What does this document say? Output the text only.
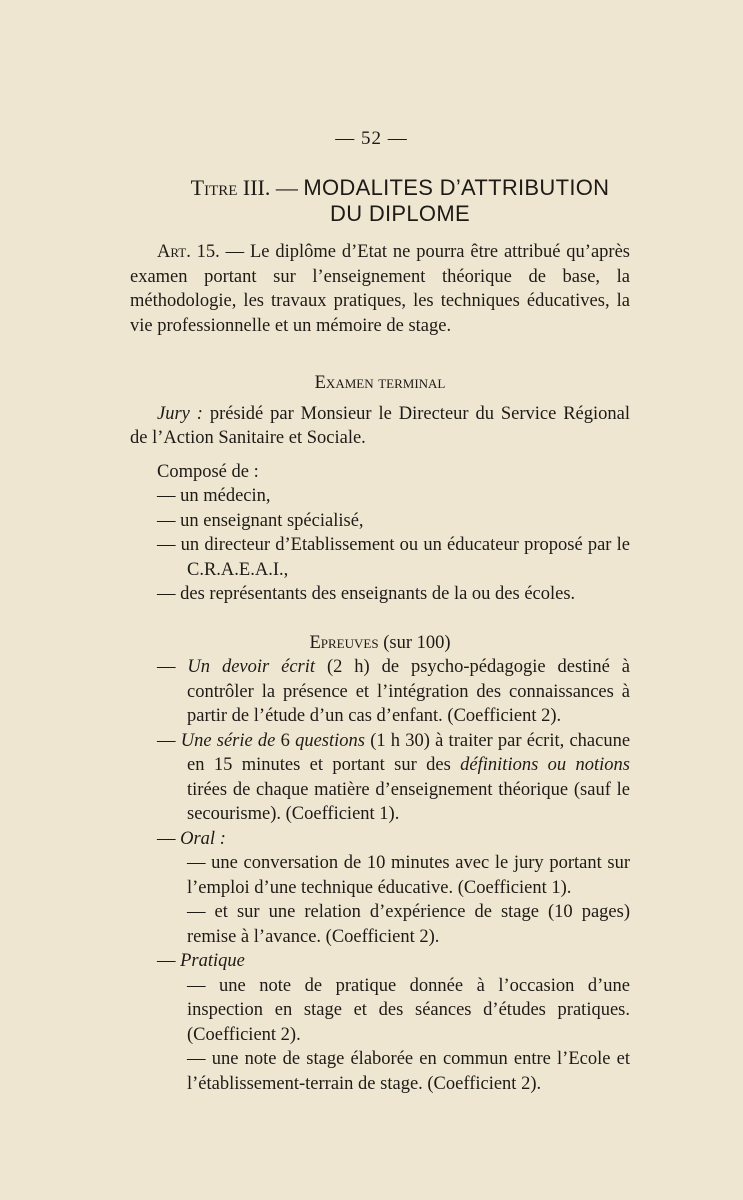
— 52 —
Titre III. — MODALITES D’ATTRIBUTION
DU DIPLOME

Art. 15. — Le diplôme d’Etat ne pourra être attribué qu’après examen portant sur l’enseignement théorique de base, la méthodologie, les travaux pratiques, les techniques éducatives, la vie professionnelle et un mémoire de stage.

Examen terminal

Jury : présidé par Monsieur le Directeur du Service Régional de l’Action Sanitaire et Sociale.

Composé de :

— un médecin,

— un enseignant spécialisé,

— un directeur d’Etablissement ou un éducateur proposé par le C.R.A.E.A.I.,

— des représentants des enseignants de la ou des écoles.

Epreuves (sur 100)

— Un devoir écrit (2 h) de psycho-pédagogie destiné à contrôler la présence et l’intégration des connaissances à partir de l’étude d’un cas d’enfant. (Coefficient 2).

— Une série de 6 questions (1 h 30) à traiter par écrit, chacune en 15 minutes et portant sur des définitions ou notions tirées de chaque matière d’enseignement théorique (sauf le secourisme). (Coefficient 1).

— Oral :

— une conversation de 10 minutes avec le jury portant sur l’emploi d’une technique éducative. (Coefficient 1).

— et sur une relation d’expérience de stage (10 pages) remise à l’avance. (Coefficient 2).

— Pratique

— une note de pratique donnée à l’occasion d’une inspection en stage et des séances d’études pratiques. (Coefficient 2).

— une note de stage élaborée en commun entre l’Ecole et l’établissement-terrain de stage. (Coefficient 2).
